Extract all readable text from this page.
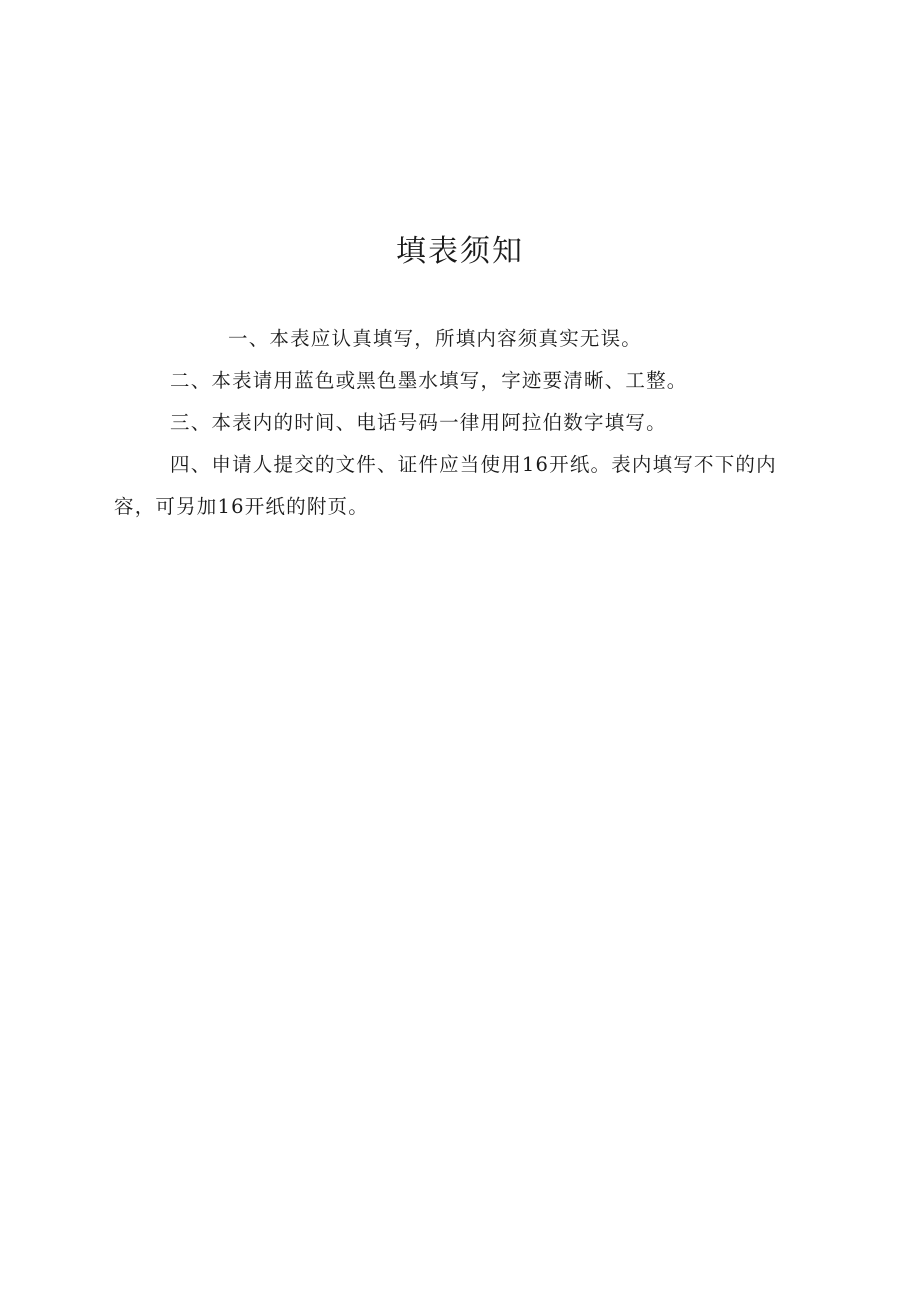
填表须知

一、本表应认真填写，所填内容须真实无误。

二、本表请用蓝色或黑色墨水填写，字迹要清晰、工整。

三、本表内的时间、电话号码一律用阿拉伯数字填写。

四、申请人提交的文件、证件应当使用16开纸。表内填写不下的内容，可另加16开纸的附页。
